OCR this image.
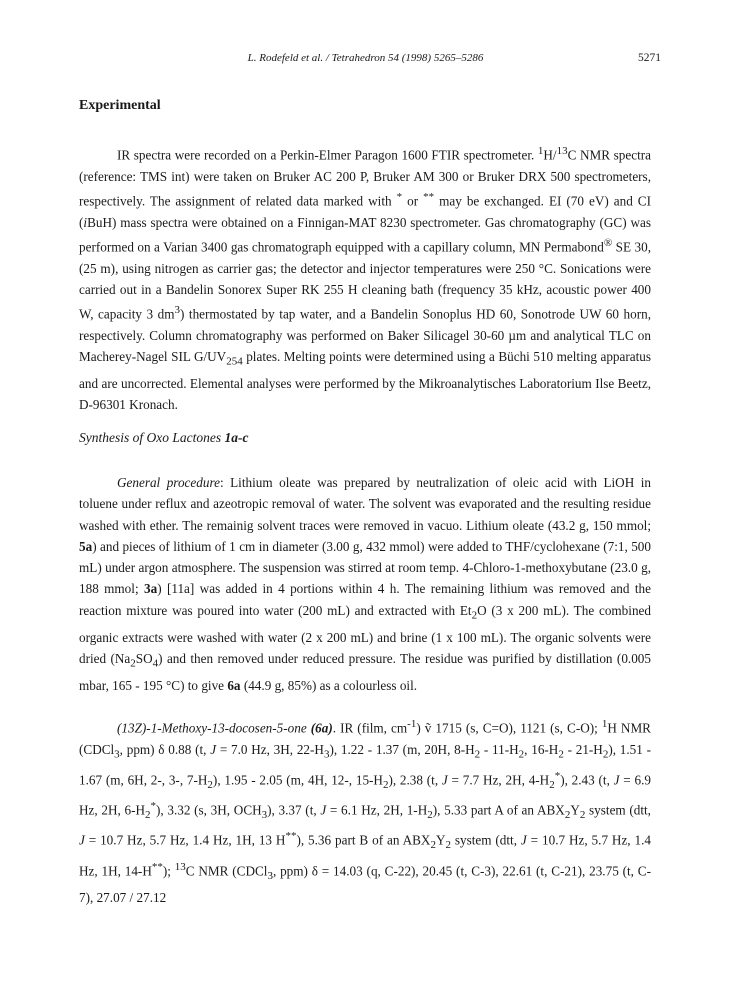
L. Rodefeld et al. / Tetrahedron 54 (1998) 5265–5286	5271
Experimental

IR spectra were recorded on a Perkin-Elmer Paragon 1600 FTIR spectrometer. $^1$H/$^{13}$C NMR spectra (reference: TMS int) were taken on Bruker AC 200 P, Bruker AM 300 or Bruker DRX 500 spectrometers, respectively. The assignment of related data marked with * or ** may be exchanged. EI (70 eV) and CI (iBuH) mass spectra were obtained on a Finnigan-MAT 8230 spectrometer. Gas chromatography (GC) was performed on a Varian 3400 gas chromatograph equipped with a capillary column, MN Permabond® SE 30, (25 m), using nitrogen as carrier gas; the detector and injector temperatures were 250 °C. Sonications were carried out in a Bandelin Sonorex Super RK 255 H cleaning bath (frequency 35 kHz, acoustic power 400 W, capacity 3 $dm^3$) thermostated by tap water, and a Bandelin Sonoplus HD 60, Sonotrode UW 60 horn, respectively. Column chromatography was performed on Baker Silicagel 30-60 µm and analytical TLC on Macherey-Nagel SIL $G/UV_{254}$ plates. Melting points were determined using a Büchi 510 melting apparatus and are uncorrected. Elemental analyses were performed by the Mikroanalytisches Laboratorium Ilse Beetz, D-96301 Kronach.

Synthesis of Oxo Lactones 1a-c

General procedure: Lithium oleate was prepared by neutralization of oleic acid with LiOH in toluene under reflux and azeotropic removal of water. The solvent was evaporated and the resulting residue washed with ether. The remainig solvent traces were removed in vacuo. Lithium oleate (43.2 g, 150 mmol; 5a) and pieces of lithium of 1 cm in diameter (3.00 g, 432 mmol) were added to THF/cyclohexane (7:1, 500 mL) under argon atmosphere. The suspension was stirred at room temp. 4-Chloro-1-methoxybutane (23.0 g, 188 mmol; 3a) [11a] was added in 4 portions within 4 h. The remaining lithium was removed and the reaction mixture was poured into water (200 mL) and extracted with $Et_2O$ (3 x 200 mL). The combined organic extracts were washed with water (2 x 200 mL) and brine (1 x 100 mL). The organic solvents were dried $(Na_2SO_4)$ and then removed under reduced pressure. The residue was purified by distillation (0.005 mbar, 165 - 195 °C) to give 6a (44.9 g, 85%) as a colourless oil.

(13Z)-1-Methoxy-13-docosen-5-one (6a). IR (film, $cm^{-1}$) ṽ 1715 (s, C=O), 1121 (s, C-O); $^1$H NMR (CDCl$_3$, ppm) δ 0.88 (t, J = 7.0 Hz, 3H, $22-H_3$), 1.22 - 1.37 (m, 20H, $8-H_2 - 11-H_2$, $16-H_2 - 21-H_2$), 1.51 - 1.67 (m, 6H, 2-, 3-, $7-H_2$), 1.95 - 2.05 (m, 4H, 12-, $15-H_2$), 2.38 (t, J = 7.7 Hz, 2H, $4-H_2^*$), 2.43 (t, J = 6.9 Hz, 2H, $6-H_2^*$), 3.32 (s, 3H, $OCH_3$), 3.37 (t, J = 6.1 Hz, 2H, $1-H_2$), 5.33 part A of an $ABX_2Y_2$ system (dtt, J = 10.7 Hz, 5.7 Hz, 1.4 Hz, 1H, 13 H**), 5.36 part B of an $ABX_2Y_2$ system (dtt, J = 10.7 Hz, 5.7 Hz, 1.4 Hz, 1H, 14-H**); $^{13}$C NMR (CDCl$_3$, ppm) δ = 14.03 (q, C-22), 20.45 (t, C-3), 22.61 (t, C-21), 23.75 (t, C-7), 27.07 / 27.12
